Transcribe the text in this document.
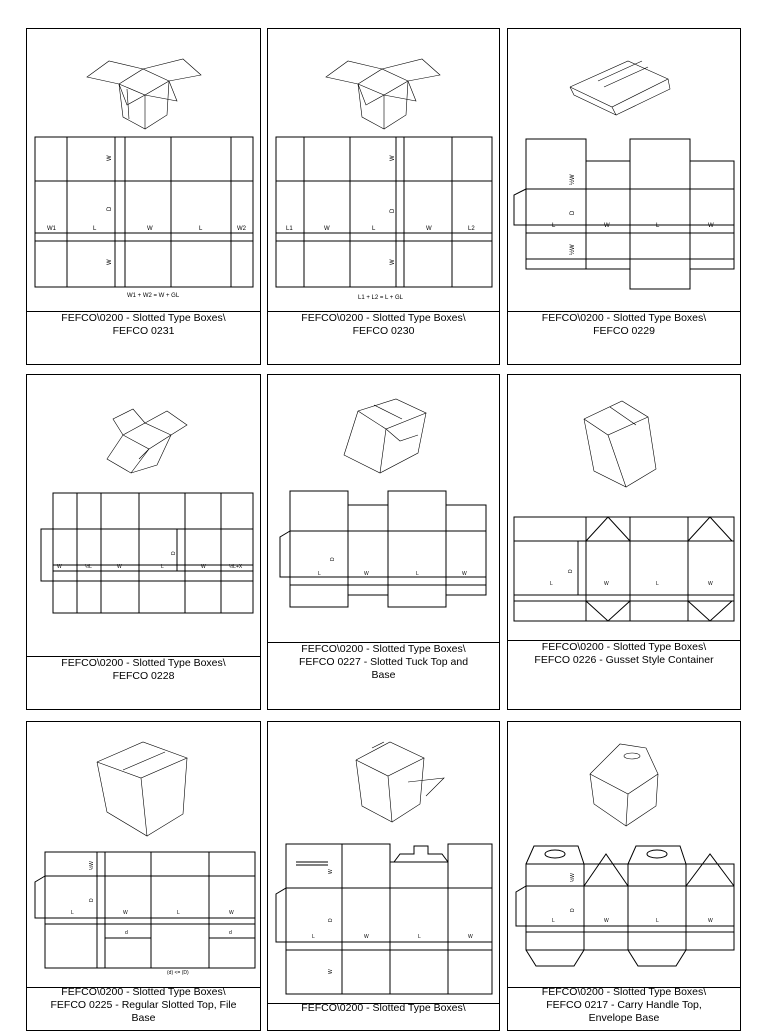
W1	L	W	L	W2
W
D
W
W1 + W2 = W + GL
FEFCO\0200 - Slotted Type Boxes\
FEFCO 0231
L1	W	L	W	L2
W
D
W
L1 + L2 = L + GL
FEFCO\0200 - Slotted Type Boxes\
FEFCO 0230
L	W	L	W
D
½W
½W
FEFCO\0200 - Slotted Type Boxes\
FEFCO 0229
W	½L	W	L	W	½L+X
D
FEFCO\0200 - Slotted Type Boxes\
FEFCO 0228
L	W	L	W
D
FEFCO\0200 - Slotted Type Boxes\
FEFCO 0227 - Slotted Tuck Top and
Base
L	W	L	W
D
FEFCO\0200 - Slotted Type Boxes\
FEFCO 0226 - Gusset Style Container
L	W	L	W
D
½W
d	d
(d) <= (D)
FEFCO\0200 - Slotted Type Boxes\
FEFCO 0225 - Regular Slotted Top, File
Base
L	W	L	W
D
W
W
FEFCO\0200 - Slotted Type Boxes\
L	W	L	W
D
½W
FEFCO\0200 - Slotted Type Boxes\
FEFCO 0217 - Carry Handle Top,
Envelope Base
